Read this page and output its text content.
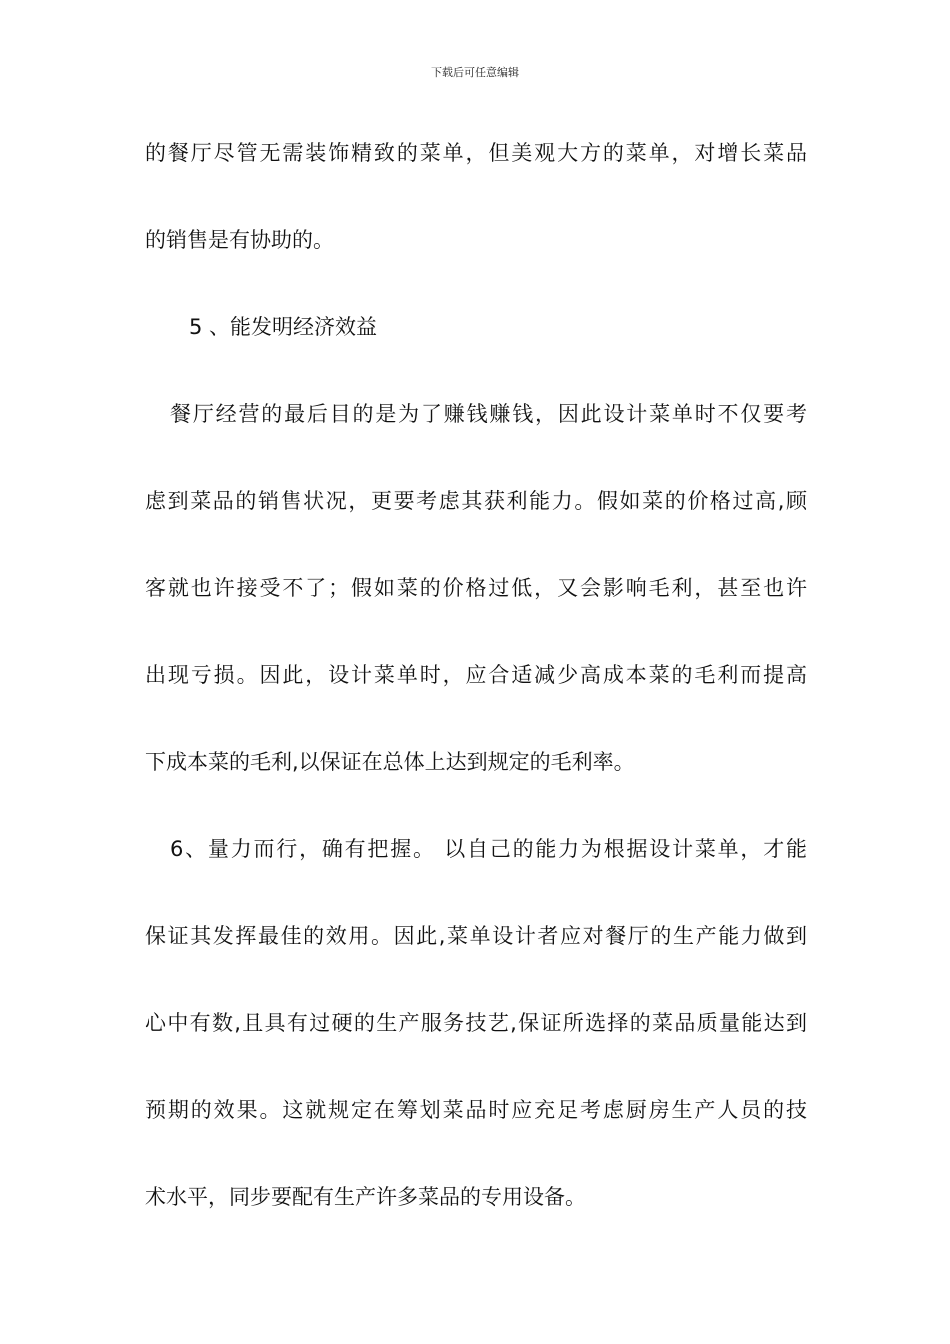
下载后可任意编辑
的餐厅尽管无需装饰精致的菜单，但美观大方的菜单，对增长菜品
的销售是有协助的。
5 、能发明经济效益
餐厅经营的最后目的是为了赚钱赚钱，因此设计菜单时不仅要考
虑到菜品的销售状况，更要考虑其获利能力。假如菜的价格过高,顾
客就也许接受不了；假如菜的价格过低，又会影响毛利，甚至也许
出现亏损。因此，设计菜单时，应合适减少高成本菜的毛利而提高
下成本菜的毛利,以保证在总体上达到规定的毛利率。
6、量力而行，确有把握。 以自己的能力为根据设计菜单，才能
保证其发挥最佳的效用。因此,菜单设计者应对餐厅的生产能力做到
心中有数,且具有过硬的生产服务技艺,保证所选择的菜品质量能达到
预期的效果。这就规定在筹划菜品时应充足考虑厨房生产人员的技
术水平，同步要配有生产许多菜品的专用设备。
